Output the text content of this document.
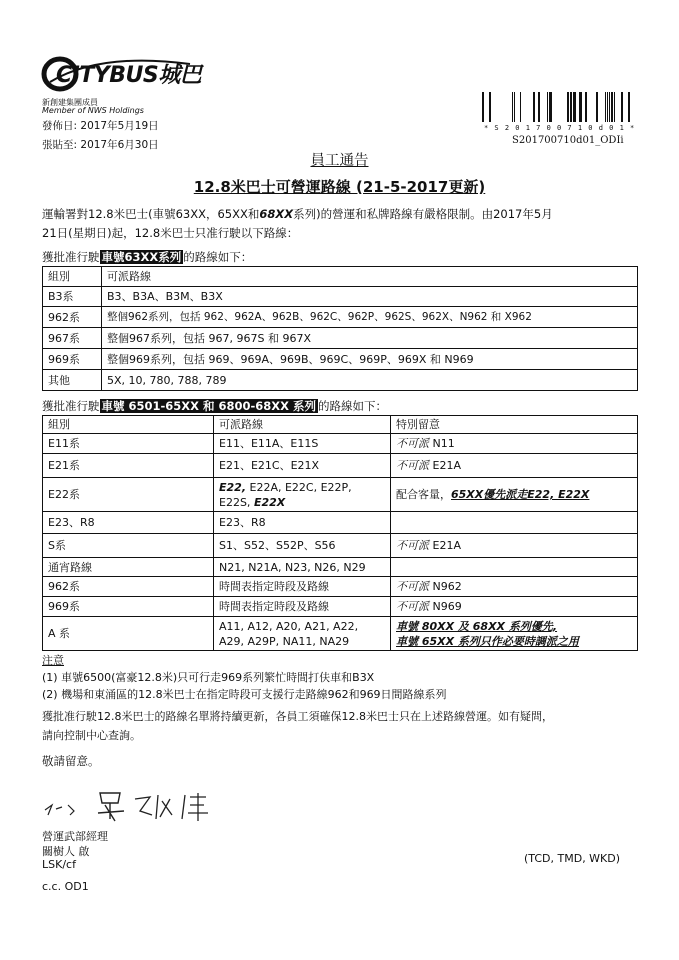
CITYBUS城巴
新創建集團成員
Member of NWS Holdings
發佈日: 2017年5月19日
張貼至: 2017年6月30日
* S 2 0 1 7 0 0 7 1 0 d 0 1 *
S201700710d01_ODIi
員工通告
12.8米巴士可營運路線 (21-5-2017更新)
運輸署對12.8米巴士(車號63XX，65XX和68XX系列)的營運和私牌路線有嚴格限制。由2017年5月
21日(星期日)起，12.8米巴士只准行駛以下路線：
獲批准行駛 車號63XX系列 的路線如下：
組別	可派路線
B3系	B3、B3A、B3M、B3X
962系	整個962系列，包括 962、962A、962B、962C、962P、962S、962X、N962 和 X962
967系	整個967系列，包括 967, 967S 和 967X
969系	整個969系列，包括 969、969A、969B、969C、969P、969X 和 N969
其他	5X, 10, 780, 788, 789
獲批准行駛 車號 6501-65XX 和 6800-68XX 系列 的路線如下：
組別	可派路線	特別留意
E11系	E11、E11A、E11S	不可派 N11
E21系	E21、E21C、E21X	不可派 E21A
E22系	E22, E22A, E22C, E22P,
E22S, E22X	配合客量，65XX優先派走E22, E22X
E23、R8	E23、R8	
S系	S1、S52、S52P、S56	不可派 E21A
通宵路線	N21, N21A, N23, N26, N29	
962系	時間表指定時段及路線	不可派 N962
969系	時間表指定時段及路線	不可派 N969
A 系	A11, A12, A20, A21, A22,
A29, A29P, NA11, NA29	車號 80XX 及 68XX 系列優先,
車號 65XX 系列只作必要時調派之用
注意
(1) 車號6500(富豪12.8米)只可行走969系列繁忙時間打伕車和B3X
(2) 機場和東涌區的12.8米巴士在指定時段可支援行走路線962和969日間路線系列
獲批准行駛12.8米巴士的路線名單將持續更新，各員工須確保12.8米巴士只在上述路線營運。如有疑問，
請向控制中心查詢。
敬請留意。
營運武部經理
關樹人 啟
LSK/cf
c.c. OD1
(TCD, TMD, WKD)
